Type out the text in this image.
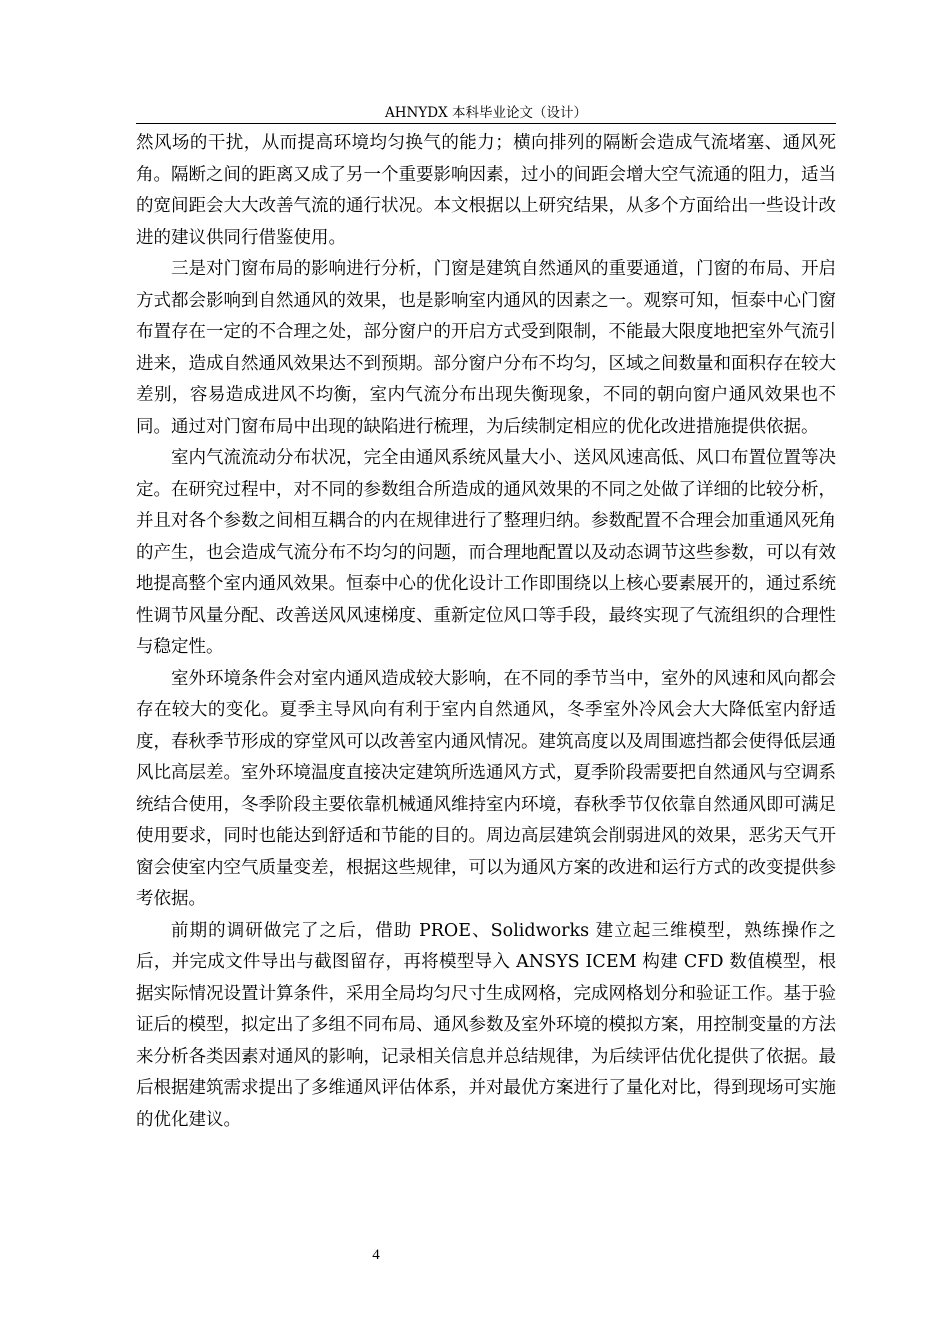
AHNYDX 本科毕业论文（设计）

然风场的干扰，从而提高环境均匀换气的能力；横向排列的隔断会造成气流堵塞、通风死角。隔断之间的距离又成了另一个重要影响因素，过小的间距会增大空气流通的阻力，适当的宽间距会大大改善气流的通行状况。本文根据以上研究结果，从多个方面给出一些设计改进的建议供同行借鉴使用。

三是对门窗布局的影响进行分析，门窗是建筑自然通风的重要通道，门窗的布局、开启方式都会影响到自然通风的效果，也是影响室内通风的因素之一。观察可知，恒泰中心门窗布置存在一定的不合理之处，部分窗户的开启方式受到限制，不能最大限度地把室外气流引进来，造成自然通风效果达不到预期。部分窗户分布不均匀，区域之间数量和面积存在较大差别，容易造成进风不均衡，室内气流分布出现失衡现象，不同的朝向窗户通风效果也不同。通过对门窗布局中出现的缺陷进行梳理，为后续制定相应的优化改进措施提供依据。

室内气流流动分布状况，完全由通风系统风量大小、送风风速高低、风口布置位置等决定。在研究过程中，对不同的参数组合所造成的通风效果的不同之处做了详细的比较分析，并且对各个参数之间相互耦合的内在规律进行了整理归纳。参数配置不合理会加重通风死角的产生，也会造成气流分布不均匀的问题，而合理地配置以及动态调节这些参数，可以有效地提高整个室内通风效果。恒泰中心的优化设计工作即围绕以上核心要素展开的，通过系统性调节风量分配、改善送风风速梯度、重新定位风口等手段，最终实现了气流组织的合理性与稳定性。

室外环境条件会对室内通风造成较大影响，在不同的季节当中，室外的风速和风向都会存在较大的变化。夏季主导风向有利于室内自然通风，冬季室外冷风会大大降低室内舒适度，春秋季节形成的穿堂风可以改善室内通风情况。建筑高度以及周围遮挡都会使得低层通风比高层差。室外环境温度直接决定建筑所选通风方式，夏季阶段需要把自然通风与空调系统结合使用，冬季阶段主要依靠机械通风维持室内环境，春秋季节仅依靠自然通风即可满足使用要求，同时也能达到舒适和节能的目的。周边高层建筑会削弱进风的效果，恶劣天气开窗会使室内空气质量变差，根据这些规律，可以为通风方案的改进和运行方式的改变提供参考依据。

前期的调研做完了之后，借助 PROE、Solidworks 建立起三维模型，熟练操作之后，并完成文件导出与截图留存，再将模型导入 ANSYS ICEM 构建 CFD 数值模型，根据实际情况设置计算条件，采用全局均匀尺寸生成网格，完成网格划分和验证工作。基于验证后的模型，拟定出了多组不同布局、通风参数及室外环境的模拟方案，用控制变量的方法来分析各类因素对通风的影响，记录相关信息并总结规律，为后续评估优化提供了依据。最后根据建筑需求提出了多维通风评估体系，并对最优方案进行了量化对比，得到现场可实施的优化建议。

4
